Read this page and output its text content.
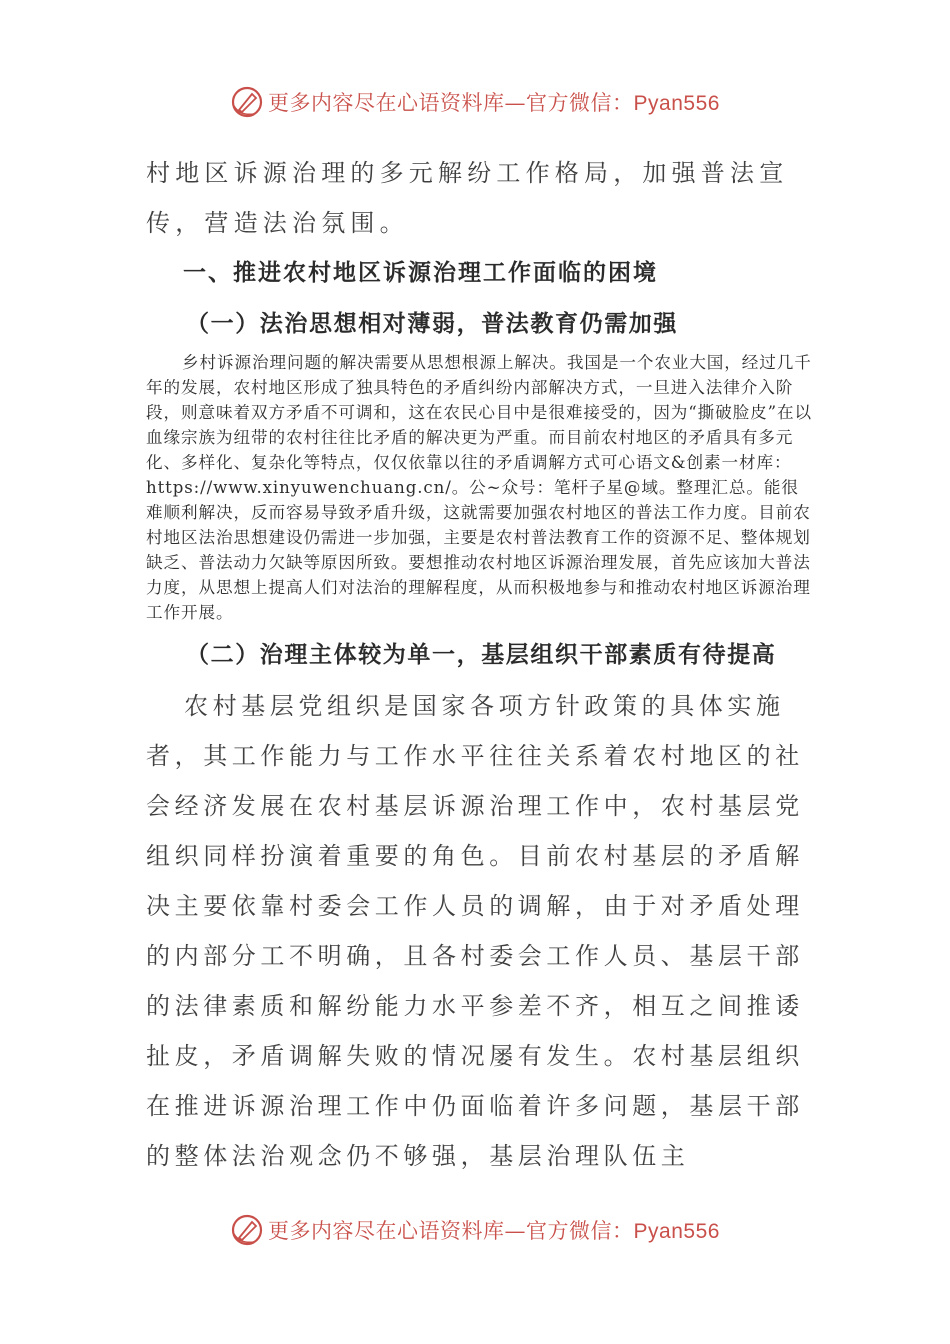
更多内容尽在心语资料库—官方微信：Pyan556

村地区诉源治理的多元解纷工作格局，加强普法宣传，营造法治氛围。

一、推进农村地区诉源治理工作面临的困境

（一）法治思想相对薄弱，普法教育仍需加强

乡村诉源治理问题的解决需要从思想根源上解决。我国是一个农业大国，经过几千年的发展，农村地区形成了独具特色的矛盾纠纷内部解决方式，一旦进入法律介入阶段，则意味着双方矛盾不可调和，这在农民心目中是很难接受的，因为“撕破脸皮”在以血缘宗族为纽带的农村往往比矛盾的解决更为严重。而目前农村地区的矛盾具有多元化、多样化、复杂化等特点，仅仅依靠以往的矛盾调解方式可心语文&创素一材库：https://www.xinyuwenchuang.cn/。公~众号：笔杆子星@域。整理汇总。能很难顺利解决，反而容易导致矛盾升级，这就需要加强农村地区的普法工作力度。目前农村地区法治思想建设仍需进一步加强，主要是农村普法教育工作的资源不足、整体规划缺乏、普法动力欠缺等原因所致。要想推动农村地区诉源治理发展，首先应该加大普法力度，从思想上提高人们对法治的理解程度，从而积极地参与和推动农村地区诉源治理工作开展。

（二）治理主体较为单一，基层组织干部素质有待提高

农村基层党组织是国家各项方针政策的具体实施者，其工作能力与工作水平往往关系着农村地区的社会经济发展在农村基层诉源治理工作中，农村基层党组织同样扮演着重要的角色。目前农村基层的矛盾解决主要依靠村委会工作人员的调解，由于对矛盾处理的内部分工不明确，且各村委会工作人员、基层干部的法律素质和解纷能力水平参差不齐，相互之间推诿扯皮，矛盾调解失败的情况屡有发生。农村基层组织在推进诉源治理工作中仍面临着许多问题，基层干部的整体法治观念仍不够强，基层治理队伍主

更多内容尽在心语资料库—官方微信：Pyan556
